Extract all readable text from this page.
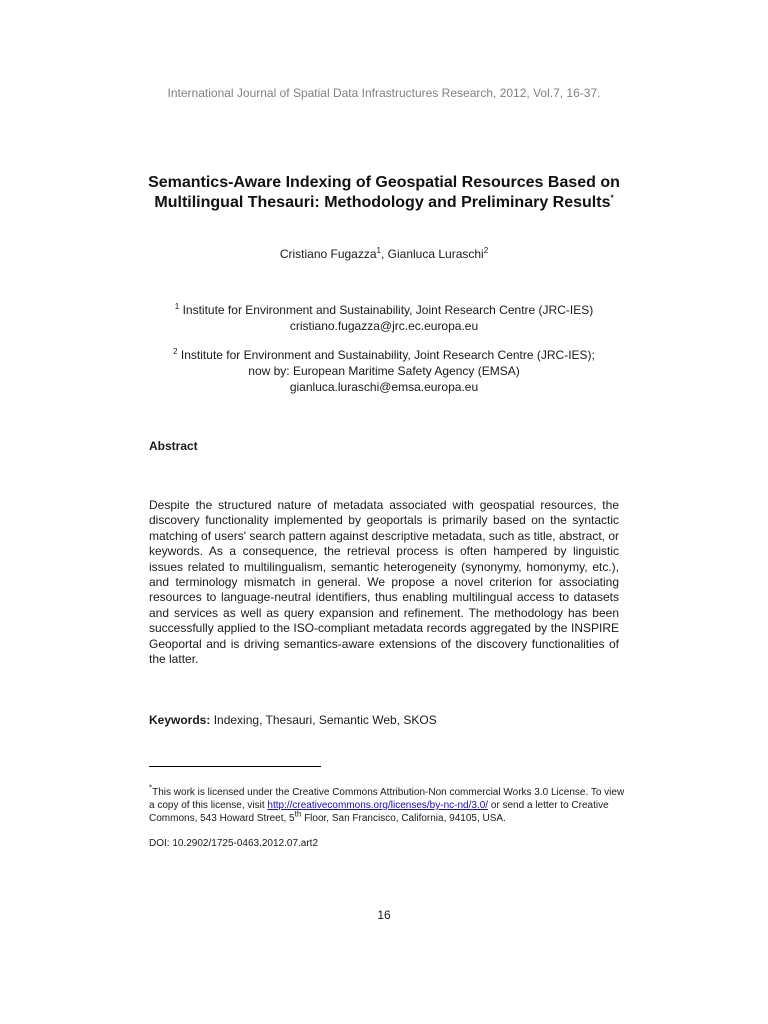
International Journal of Spatial Data Infrastructures Research, 2012, Vol.7, 16-37.
Semantics-Aware Indexing of Geospatial Resources Based on Multilingual Thesauri: Methodology and Preliminary Results*
Cristiano Fugazza$^1$, Gianluca Luraschi$^2$
$^1$ Institute for Environment and Sustainability, Joint Research Centre (JRC-IES)
cristiano.fugazza@jrc.ec.europa.eu
$^2$ Institute for Environment and Sustainability, Joint Research Centre (JRC-IES);
now by: European Maritime Safety Agency (EMSA)
gianluca.luraschi@emsa.europa.eu
Abstract
Despite the structured nature of metadata associated with geospatial resources, the discovery functionality implemented by geoportals is primarily based on the syntactic matching of users' search pattern against descriptive metadata, such as title, abstract, or keywords. As a consequence, the retrieval process is often hampered by linguistic issues related to multilingualism, semantic heterogeneity (synonymy, homonymy, etc.), and terminology mismatch in general. We propose a novel criterion for associating resources to language-neutral identifiers, thus enabling multilingual access to datasets and services as well as query expansion and refinement. The methodology has been successfully applied to the ISO-compliant metadata records aggregated by the INSPIRE Geoportal and is driving semantics-aware extensions of the discovery functionalities of the latter.
Keywords: Indexing, Thesauri, Semantic Web, SKOS
*This work is licensed under the Creative Commons Attribution-Non commercial Works 3.0 License. To view a copy of this license, visit http://creativecommons.org/licenses/by-nc-nd/3.0/ or send a letter to Creative Commons, 543 Howard Street, 5th Floor, San Francisco, California, 94105, USA.
DOI: 10.2902/1725-0463.2012.07.art2
16
